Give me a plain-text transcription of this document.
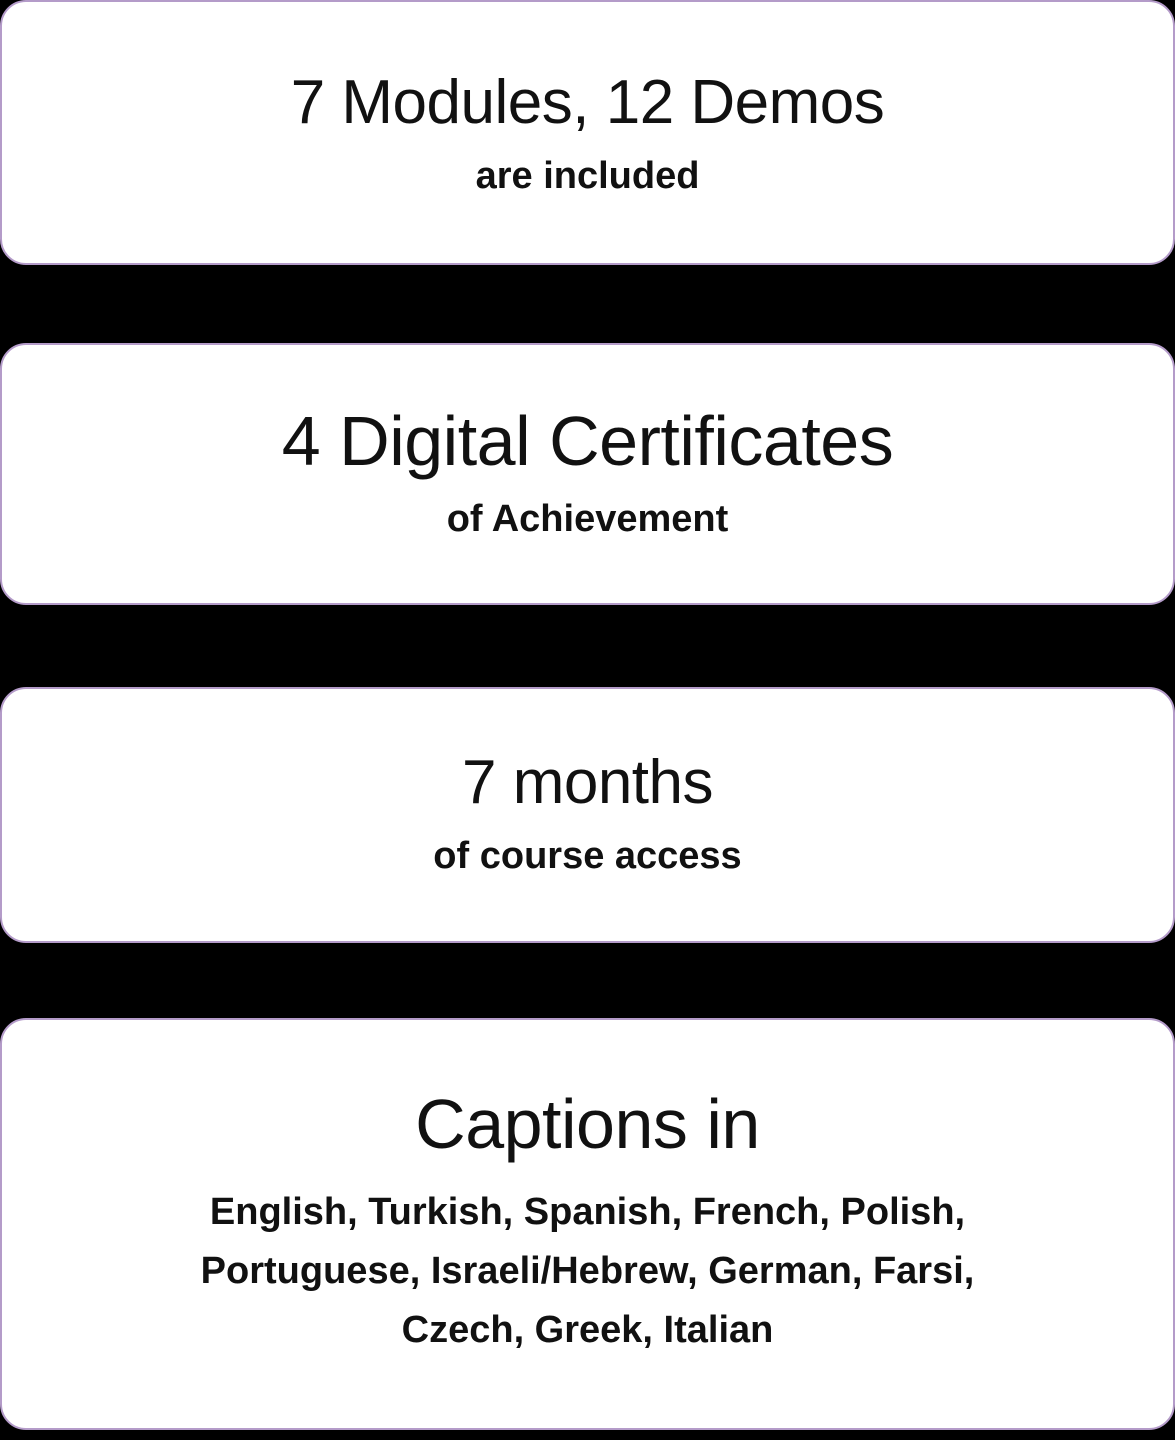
7 Modules, 12 Demos
are included
4 Digital Certificates
of Achievement
7 months
of course access
Captions in
English, Turkish, Spanish, French, Polish,
Portuguese, Israeli/Hebrew, German, Farsi,
Czech, Greek, Italian
